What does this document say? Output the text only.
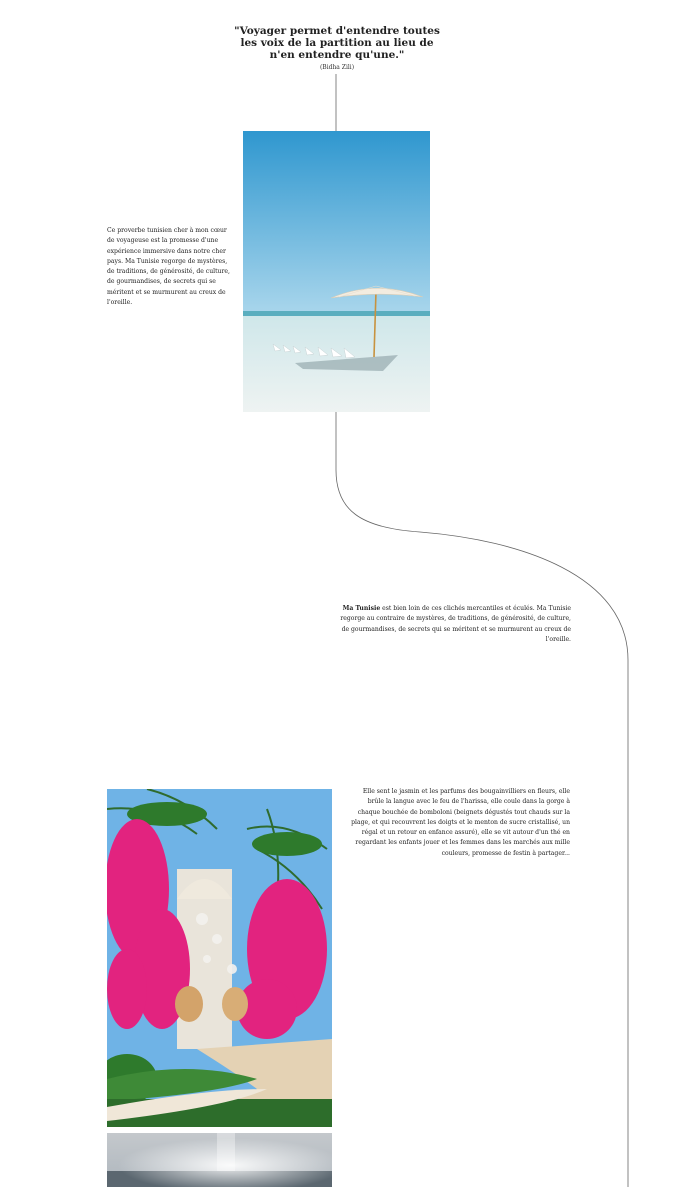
"Voyager permet d'entendre toutes les voix de la partition au lieu de n'en entendre qu'une."

(Bidha Zili)

Ce proverbe tunisien cher à mon cœur de voyageuse est la promesse d'une expérience immersive dans notre cher pays. Ma Tunisie regorge de mystères, de traditions, de générosité, de culture, de gourmandises, de secrets qui se méritent et se murmurent au creux de l'oreille.

Ma Tunisie est bien loin de ces clichés mercantiles et éculés. Ma Tunisie regorge au contraire de mystères, de traditions, de générosité, de culture, de gourmandises, de secrets qui se méritent et se murmurent au creux de l'oreille.

Elle sent le jasmin et les parfums des bougainvilliers en fleurs, elle brûle la langue avec le feu de l'harissa, elle coule dans la gorge à chaque bouchée de bomboloni (beignets dégustés tout chauds sur la plage, et qui recouvrent les doigts et le menton de sucre cristallisé, un régal et un retour en enfance assuré), elle se vit autour d'un thé en regardant les enfants jouer et les femmes dans les marchés aux mille couleurs, promesse de festin à partager...
